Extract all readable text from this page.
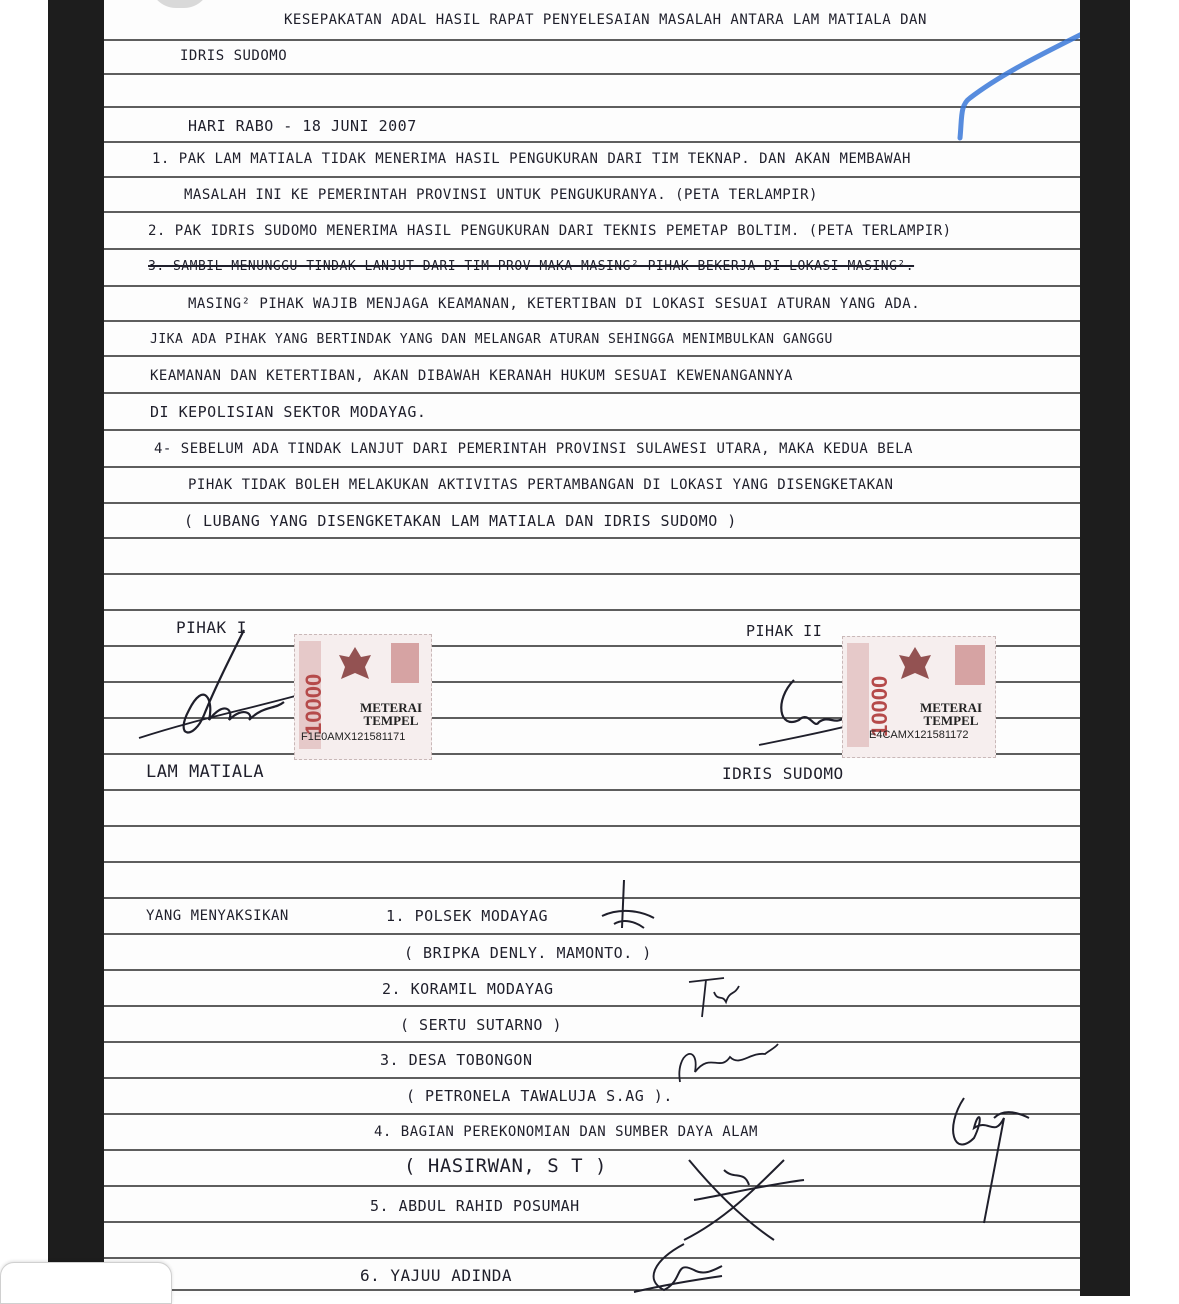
KESEPAKATAN ADAL HASIL RAPAT PENYELESAIAN MASALAH ANTARA LAM MATIALA DAN
IDRIS SUDOMO
HARI RABO - 18 JUNI 2007
1. PAK LAM MATIALA TIDAK MENERIMA HASIL PENGUKURAN DARI TIM TEKNAP. DAN AKAN MEMBAWAH
MASALAH INI KE PEMERINTAH PROVINSI UNTUK PENGUKURANYA. (PETA TERLAMPIR)
2. PAK IDRIS SUDOMO MENERIMA HASIL PENGUKURAN DARI TEKNIS PEMETAP BOLTIM. (PETA TERLAMPIR)
3. SAMBIL MENUNGGU TINDAK LANJUT DARI TIM PROV MAKA MASING² PIHAK BEKERJA DI LOKASI MASING².
MASING² PIHAK WAJIB MENJAGA KEAMANAN, KETERTIBAN DI LOKASI SESUAI ATURAN YANG ADA.
JIKA ADA PIHAK YANG BERTINDAK YANG DAN MELANGAR ATURAN SEHINGGA MENIMBULKAN GANGGU
KEAMANAN DAN KETERTIBAN, AKAN DIBAWAH KERANAH HUKUM SESUAI KEWENANGANNYA
DI KEPOLISIAN SEKTOR MODAYAG.
4- SEBELUM ADA TINDAK LANJUT DARI PEMERINTAH PROVINSI SULAWESI UTARA, MAKA KEDUA BELA
PIHAK TIDAK BOLEH MELAKUKAN AKTIVITAS PERTAMBANGAN DI LOKASI YANG DISENGKETAKAN
( LUBANG YANG DISENGKETAKAN LAM MATIALA DAN IDRIS SUDOMO )
PIHAK I
10000	METERAI TEMPEL
F1E0AMX121581171
LAM MATIALA
PIHAK II
10000	METERAI TEMPEL
E4CAMX121581172
IDRIS SUDOMO
YANG MENYAKSIKAN	1. POLSEK MODAYAG
( BRIPKA DENLY. MAMONTO. )
2. KORAMIL MODAYAG
( SERTU SUTARNO )
3. DESA TOBONGON
( PETRONELA TAWALUJA S.AG ).
4. BAGIAN PEREKONOMIAN DAN SUMBER DAYA ALAM
( HASIRWAN, S T )
5. ABDUL RAHID POSUMAH
6. YAJUU ADINDA
